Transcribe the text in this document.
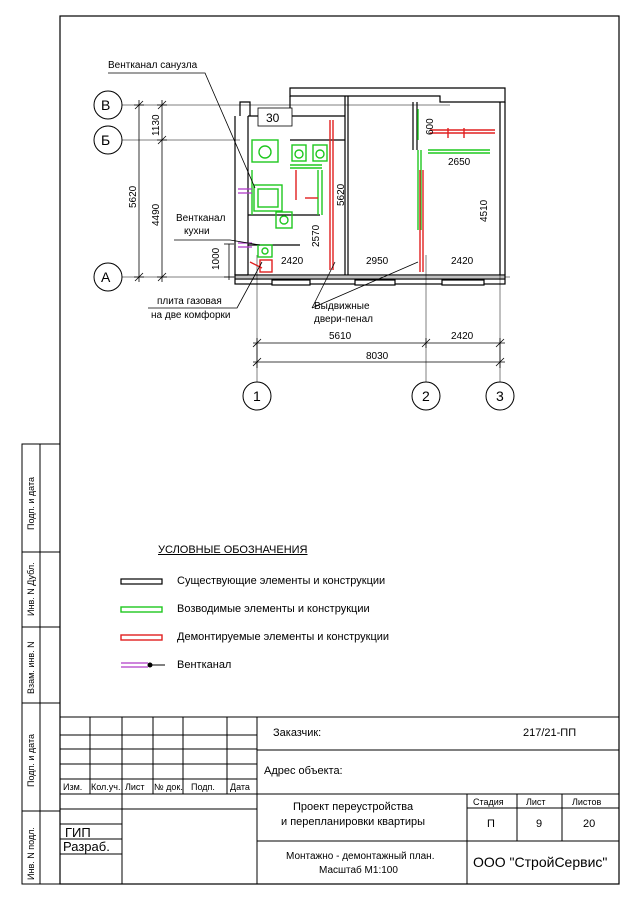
В
Б
А
1	2	3
30
Вентканал санузла
Вентканал
кухни
плита газовая
на две комфорки
Выдвижные
двери-пенал
1130
5620
4490
1000
5620
2570
600
4510
2650
2420	2950	2420
5610	2420
8030
УСЛОВНЫЕ ОБОЗНАЧЕНИЯ
Существующие элементы и конструкции
Возводимые элементы и конструкции
Демонтируемые элементы и конструкции
Вентканал
Подп. и дата
Инв. N Дубл.
Взам. инв. N
Подп. и дата
Инв. N подл.
Заказчик:	217/21-ПП
Адрес объекта:
Изм. Кол.уч. Лист № док. Подп. Дата
ГИП
Разраб.
Проект переустройства
и перепланировки квартиры
Стадия Лист	Листов
П	9	20
Монтажно - демонтажный план.
Масштаб М1:100
ООО "СтройСервис"
